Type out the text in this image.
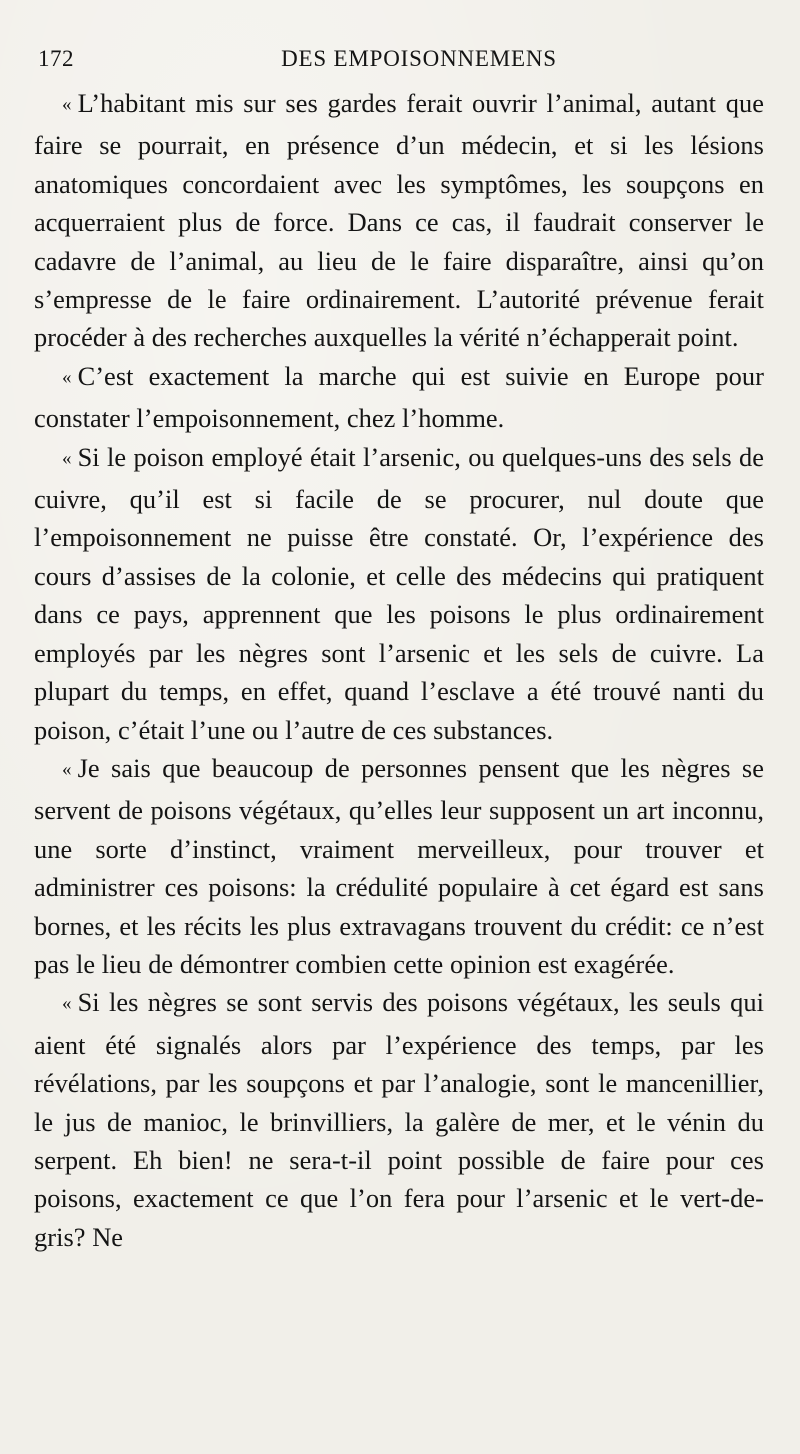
172	DES EMPOISONNEMENS

« L’habitant mis sur ses gardes ferait ouvrir l’animal, autant que faire se pourrait, en présence d’un médecin, et si les lésions anatomiques concordaient avec les symptômes, les soupçons en acquerraient plus de force. Dans ce cas, il faudrait conserver le cadavre de l’animal, au lieu de le faire disparaître, ainsi qu’on s’empresse de le faire ordinairement. L’autorité prévenue ferait procéder à des recherches auxquelles la vérité n’échapperait point.

« C’est exactement la marche qui est suivie en Europe pour constater l’empoisonnement, chez l’homme.

« Si le poison employé était l’arsenic, ou quelques-uns des sels de cuivre, qu’il est si facile de se procurer, nul doute que l’empoisonnement ne puisse être constaté. Or, l’expérience des cours d’assises de la colonie, et celle des médecins qui pratiquent dans ce pays, apprennent que les poisons le plus ordinairement employés par les nègres sont l’arsenic et les sels de cuivre. La plupart du temps, en effet, quand l’esclave a été trouvé nanti du poison, c’était l’une ou l’autre de ces substances.

« Je sais que beaucoup de personnes pensent que les nègres se servent de poisons végétaux, qu’elles leur supposent un art inconnu, une sorte d’instinct, vraiment merveilleux, pour trouver et administrer ces poisons: la crédulité populaire à cet égard est sans bornes, et les récits les plus extravagans trouvent du crédit: ce n’est pas le lieu de démontrer combien cette opinion est exagérée.

« Si les nègres se sont servis des poisons végétaux, les seuls qui aient été signalés alors par l’expérience des temps, par les révélations, par les soupçons et par l’analogie, sont le mancenillier, le jus de manioc, le brinvilliers, la galère de mer, et le vénin du serpent. Eh bien! ne sera-t-il point possible de faire pour ces poisons, exactement ce que l’on fera pour l’arsenic et le vert-de-gris? Ne
